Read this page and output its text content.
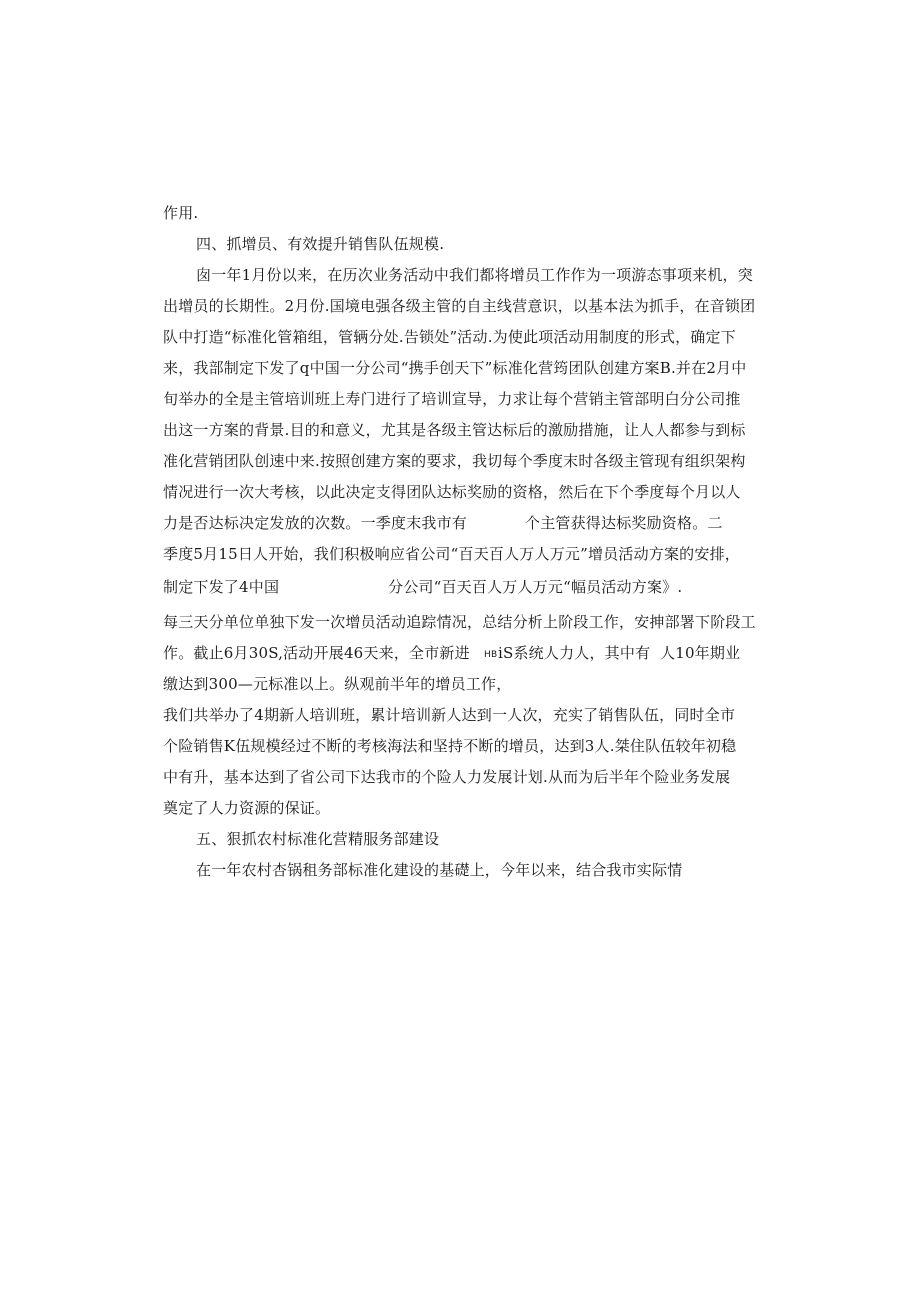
作用.
四、抓增员、有效提升销售队伍规模.
囱一年1月份以来，在历次业务活动中我们都将增员工作作为一项游态事项来机，突
出增员的长期性。2月份.国境电强各级主管的自主线营意识，以基本法为抓手，在音锁团
队中打造“标准化管箱组，管辆分处.告锁处”活动.为使此项活动用制度的形式，确定下
来，我部制定下发了q中国一分公司“携手创天下”标准化营筠团队创建方案B.并在2月中
旬举办的全是主管培训班上寿门进行了培训宣导，力求让每个营销主管部明白分公司推
出这一方案的背景.目的和意义，尤其是各级主管达标后的激励措施，让人人都参与到标
准化营销团队创速中来.按照创建方案的要求，我切每个季度末时各级主管现有组织架构
情况进行一次大考核，以此决定支得团队达标奖励的资格，然后在下个季度每个月以人
力是否达标决定发放的次数。一季度末我市有	个主管获得达标奖励资格。二
季度5月15日人开始，我们积极响应省公司“百天百人万人万元”增员活动方案的安排，
制定下发了4中国	分公司“百天百人万人万元“幅员活动方案》.
每三天分单位单独下发一次增员活动追踪情况，总结分析上阶段工作，安抻部署下阶段工
作。截止6月30S,活动开展46天来，全市新进 HB iS系统人力人，其中有 人10年期业
缴达到300—元标准以上。纵观前半年的增员工作，
我们共举办了4期新人培训班，累计培训新人达到一人次，充实了销售队伍，同时全市
个险销售K伍规模经过不断的考核海法和坚持不断的增员，达到3人.桀住队伍较年初稳
中有升，基本达到了省公司下达我市的个险人力发展计划.从而为后半年个险业务发展
奠定了人力资源的保证。
五、狠抓农村标准化营精服务部建设
在一年农村杏锅租务部标准化建设的基礎上，今年以来，结合我市实际情
